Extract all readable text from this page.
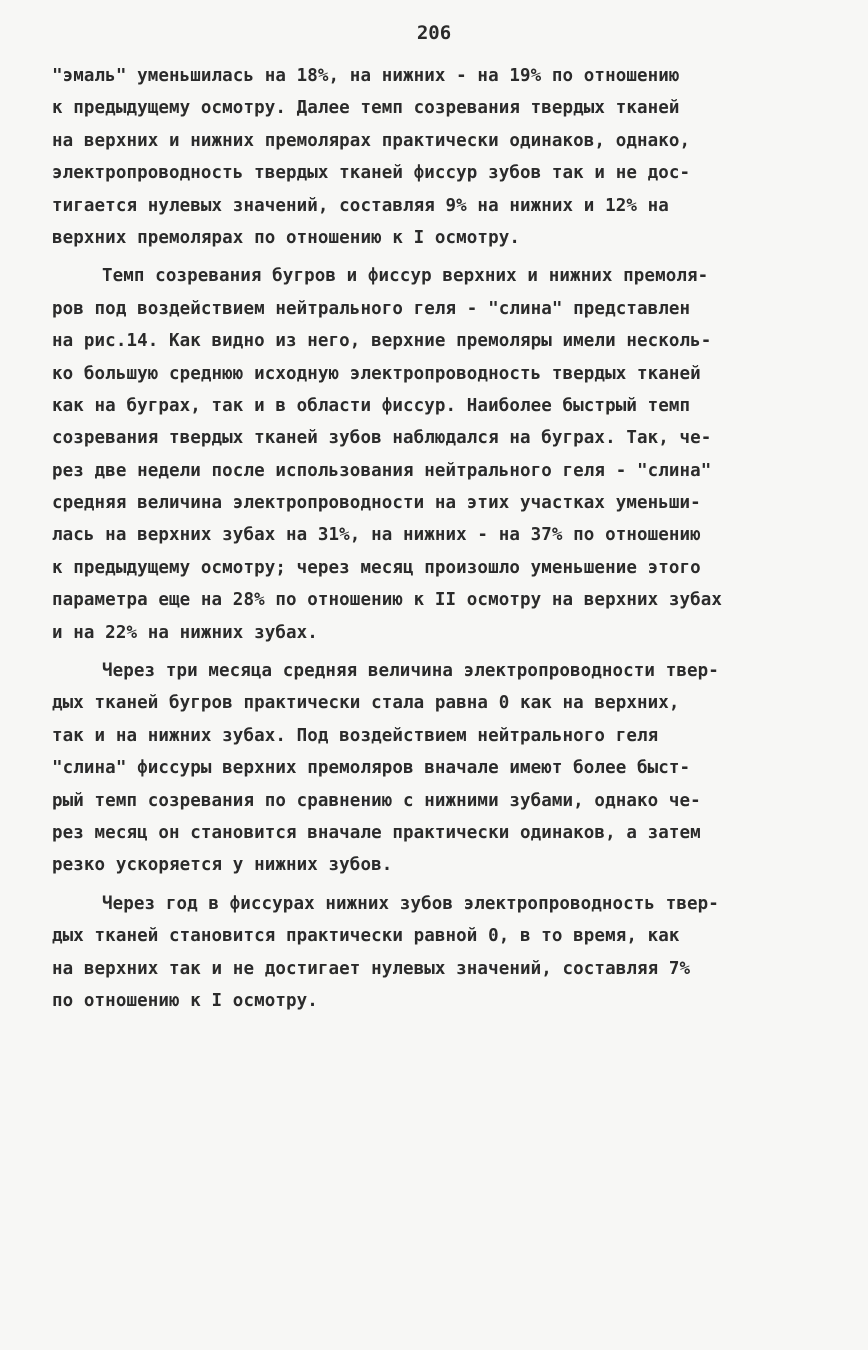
206
"эмаль" уменьшилась на 18%, на нижних - на 19% по отношению
к предыдущему осмотру. Далее темп созревания твердых тканей
на верхних и нижних премолярах практически одинаков, однако,
электропроводность твердых тканей фиссур зубов так и не дос-
тигается нулевых значений, составляя 9% на нижних и 12% на
верхних премолярах по отношению к I осмотру.
Темп созревания бугров и фиссур верхних и нижних премоля-
ров под воздействием нейтрального геля - "слина" представлен
на рис.14. Как видно из него, верхние премоляры имели несколь-
ко большую среднюю исходную электропроводность твердых тканей
как на буграх, так и в области фиссур. Наиболее быстрый темп
созревания твердых тканей зубов наблюдался на буграх. Так, че-
рез две недели после использования нейтрального геля - "слина"
средняя величина электропроводности на этих участках уменьши-
лась на верхних зубах на 31%, на нижних - на 37% по отношению
к предыдущему осмотру; через месяц произошло уменьшение этого
параметра еще на 28% по отношению к II осмотру на верхних зубах
и на 22% на нижних зубах.
Через три месяца средняя величина электропроводности твер-
дых тканей бугров практически стала равна 0 как на верхних,
так и на нижних зубах. Под воздействием нейтрального геля
"слина" фиссуры верхних премоляров вначале имеют более быст-
рый темп созревания по сравнению с нижними зубами, однако че-
рез месяц он становится вначале практически одинаков, а затем
резко ускоряется у нижних зубов.
Через год в фиссурах нижних зубов электропроводность твер-
дых тканей становится практически равной 0, в то время, как
на верхних так и не достигает нулевых значений, составляя 7%
по отношению к I осмотру.
